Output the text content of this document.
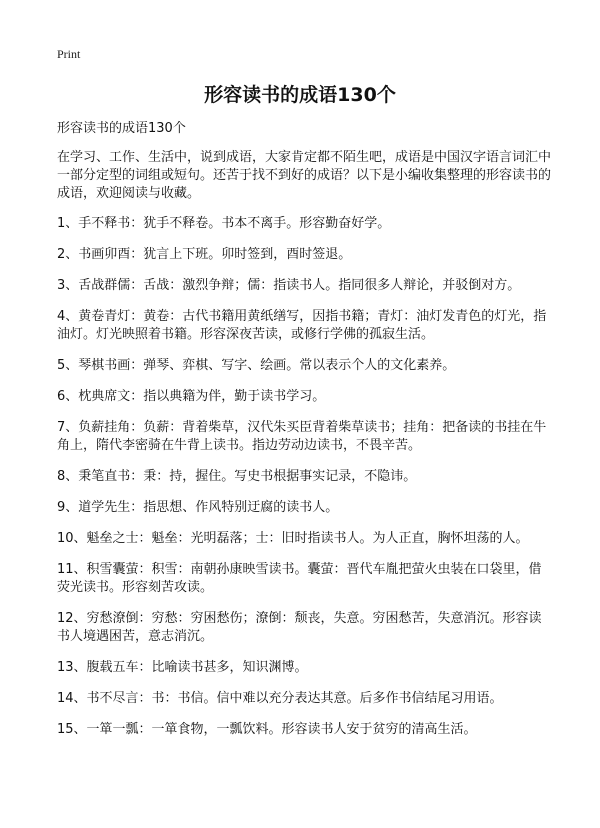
Print
形容读书的成语130个

形容读书的成语130个

在学习、工作、生活中，说到成语，大家肯定都不陌生吧，成语是中国汉字语言词汇中一部分定型的词组或短句。还苦于找不到好的成语？以下是小编收集整理的形容读书的成语，欢迎阅读与收藏。

1、手不释书：犹手不释卷。书本不离手。形容勤奋好学。
2、书画卯酉：犹言上下班。卯时签到，酉时签退。
3、舌战群儒：舌战：激烈争辩；儒：指读书人。指同很多人辩论，并驳倒对方。
4、黄卷青灯：黄卷：古代书籍用黄纸缮写，因指书籍；青灯：油灯发青色的灯光，指油灯。灯光映照着书籍。形容深夜苦读，或修行学佛的孤寂生活。
5、琴棋书画：弹琴、弈棋、写字、绘画。常以表示个人的文化素养。
6、枕典席文：指以典籍为伴，勤于读书学习。
7、负薪挂角：负薪：背着柴草，汉代朱买臣背着柴草读书；挂角：把备读的书挂在牛角上，隋代李密骑在牛背上读书。指边劳动边读书，不畏辛苦。
8、秉笔直书：秉：持，握住。写史书根据事实记录，不隐讳。
9、道学先生：指思想、作风特别迂腐的读书人。
10、魁垒之士：魁垒：光明磊落；士：旧时指读书人。为人正直，胸怀坦荡的人。
11、积雪囊萤：积雪：南朝孙康映雪读书。囊萤：晋代车胤把萤火虫装在口袋里，借荧光读书。形容刻苦攻读。
12、穷愁潦倒：穷愁：穷困愁伤；潦倒：颓丧，失意。穷困愁苦，失意消沉。形容读书人境遇困苦，意志消沉。
13、腹载五车：比喻读书甚多，知识渊博。
14、书不尽言：书：书信。信中难以充分表达其意。后多作书信结尾习用语。
15、一箪一瓢：一箪食物，一瓢饮料。形容读书人安于贫穷的清高生活。
